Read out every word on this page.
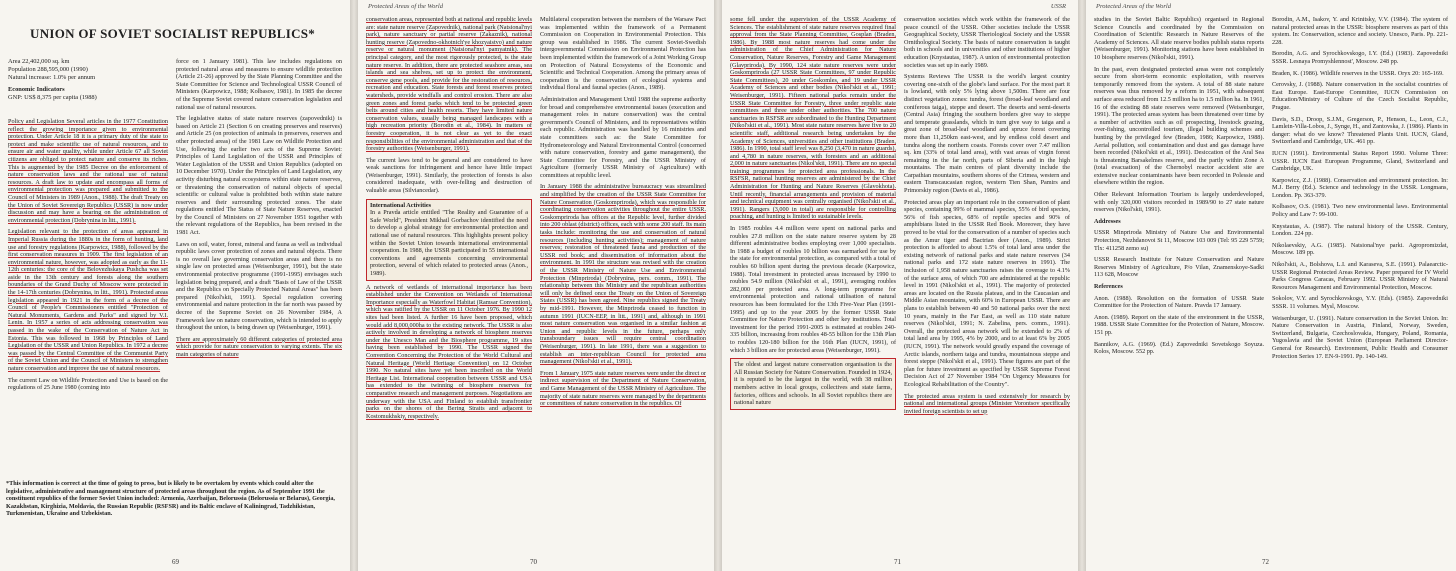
UNION OF SOVIET SOCIALIST REPUBLICS*
Area 22,402,000 sq. km
Population 288,595,000 (1990)
Natural increase: 1.0% per annum
Economic Indicators
GNP: US$ 8,375 per capita (1988)

Policy and Legislation Several articles in the 1977 Constitution reflect the growing importance given to environmental protection. Under Article 18 it is a primary duty of the state to protect and make scientific use of natural resources, and to ensure air and water quality, while under Article 67 all Soviet citizens are obliged to protect nature and conserve its riches. This is augmented by the 1985 Decree on the enforcement of nature conservation laws and the rational use of natural resources. A draft law to update and encompass all forms of environmental protection was prepared and submitted to the Council of Ministers in 1989 (Anon., 1988). The draft Treaty on the Union of Soviet Sovereign Republics (USSR) is now under discussion and may have a bearing on the administration of environmental protection (Dobrynina in litt., 1991).

Legislation relevant to the protection of areas appeared in Imperial Russia during the 1880s in the form of hunting, land use and forestry regulations (Karpowicz, 1988), followed by the first conservation measures in 1909. The first legislation of an environmental nature, however, was adopted as early as the 11-12th centuries: the core of the Belovezhskaya Pushcha was set aside in the 13th century and forests along the southern boundaries of the Grand Duchy of Moscow were protected in the 14-17th centuries (Dobrynina, in litt., 1991). Protected areas legislation appeared in 1921 in the form of a decree of the Council of People's Commissioners entitled "Protection of Natural Monuments, Gardens and Parks" and signed by V.I. Lenin. In 1957 a series of acts addressing conservation was passed in the wake of the Conservation of Nature Act in Estonia. This was followed in 1968 by Principles of Land Legislation of the USSR and Union Republics. In 1972 a decree was passed by the Central Committee of the Communist Party of the Soviet Union and the Council of Ministers to strengthen nature conservation and improve the use of natural resources.

The current Law on Wildlife Protection and Use is based on the regulations of 25 June 1980 (coming into

force on 1 January 1981). This law includes regulations on protected natural areas and measures to ensure wildlife protection (Article 21-26) approved by the State Planning Committee and the State Committee for Science and Technological USSR Council of Ministers (Karpowicz, 1988; Kolbasov, 1981). In 1985 the decree of the Supreme Soviet covered nature conservation legislation and rational use of natural resources.

The legislative status of state nature reserves (zapovedniki) is based on Article 21 (Section 6 on creating preserves and reserves) and Article 25 (on protection of animals in preserves, reserves and other protected areas) of the 1981 Law on Wildlife Protection and Use, following the earlier two acts of the Supreme Soviet: Principles of Land Legislation of the USSR and Principles of Water Legislation of the USSR and Union Republics (adopted on 10 December 1970). Under the Principles of Land Legislation, any activity disturbing natural ecosystems within state nature reserves, or threatening the conservation of natural objects of special scientific or cultural value is prohibited both within state nature reserves and their surrounding protected zones. The state regulations entitled The Status of State Nature Reserves, enacted by the Council of Ministers on 27 November 1951 together with the relevant regulations of the Republics, has been revised in the 1981 Act.

Laws on soil, water, forest, mineral and fauna as well as individual republic laws cover protection of zones and natural objects. There is no overall law governing conservation areas and there is no single law on protected areas (Weisenburger, 1991), but the state environmental protective programme (1991-1995) envisages such legislation being prepared, and a draft "Basis of Law of the USSR and the Republics on Specially Protected Natural Areas" has been prepared (Nikol'skii, 1991). Special regulation covering environmental and nature protection in the far north was passed by decree of the Supreme Soviet on 26 November 1984, A Framework law on nature conservation, which is intended to apply throughout the union, is being drawn up (Weisenburger, 1991).

There are approximately 60 different categories of protected area which provide for nature conservation to varying extents. The six main categories of nature

*This information is correct at the time of going to press, but is likely to be overtaken by events which could alter the legislative, administrative and management structure of protected areas throughout the region. As of September 1991 the constituent republics of the former Soviet Union included: Armenia, Azerbaijan, Belorussia (Belorussia or Belarus), Georgia, Kazakhstan, Kirghizia, Moldavia, the Russian Republic (RSFSR) and its Baltic enclave of Kaliningrad, Tadzhikistan, Turkmenistan, Ukraine and Uzbekistan.
69
Protected Areas of the World

conservation areas, represented both at national and republic levels are: state nature reserve (Zapovednik), national park (Natsional'nyi park), nature sanctuary or partial reserve (Zakaznik), national hunting reserve (Zapovedno-okhotnich'ye khozyaistvo) and nature reserve or natural monument (Natsional'nyi pamyatnik). The principal category, and the most rigorously protected, is the state nature reserve. In addition, there are protected seashore areas, sea islands and sea shelves, set up to protect the environment, conserve gene pools, and provide for the restoration of resources, recreation and education. State forests and forest reserves protect watersheds, provide windfalls and control erosion. There are also green zones and forest parks which tend to be protected green belts around cities and health resorts. They have limited nature conservation values, usually being managed landscapes with a high recreation priority (Borodin et al., 1984). In matters of forestry cooperation, it is not clear as yet to the exact responsibilities of the environmental administration and that of the forestry authorities (Weisenburger, 1991).

The current laws tend to be general and are considered to have weak sanctions for infringement and hence have little impact (Weisenburger, 1991). Similarly, the protection of forests is also considered inadequate, with over-felling and destruction of valuable areas (Silviancedar).

International Activities
In a Pravda article entitled "The Reality and Guarantee of a Safe World", President Mikhail Gorbachov identified the need to develop a global strategy for environmental protection and rational use of natural resources. This highlights present policy within the Soviet Union towards international environmental cooperation. In 1988, the USSR participated in 55 international conventions and agreements concerning environmental protection, several of which related to protected areas (Anon., 1989).

A network of wetlands of international importance has been established under the Convention on Wetlands of International Importance especially as Waterfowl Habitat (Ramsar Convention), which was ratified by the USSR on 11 October 1976. By 1990 12 sites had been listed. A further 16 have been proposed, which would add 8,000,000ha to the existing network. The USSR is also actively involved in developing a network of biosphere reserves under the Unesco Man and the Biosphere programme, 19 sites having been established by 1990. The USSR signed the Convention Concerning the Protection of the World Cultural and Natural Heritage (World Heritage Convention) on 12 October 1990. No natural sites have yet been inscribed on the World Heritage List. International cooperation between USSR and USA has extended to the twinning of biosphere reserves for comparative research and management purposes. Negotiations are underway with the USA and Finland to establish transfrontier parks on the shores of the Bering Straits and adjacent to Kostomukhskiy, respectively.

Multilateral cooperation between the members of the Warsaw Pact was implemented within the framework of a Permanent Commission on Cooperation in Environmental Protection. This group was established in 1986. The current Soviet-Swedish intergovernmental Commission on Environmental Protection has been implemented within the framework of a Joint Working Group on Protection of Natural Ecosystems of the Economic and Scientific and Technical Cooperation. Among the primary areas of cooperation is the conservation of ecological systems and individual floral and faunal species (Anon., 1989).

Administration and Management Until 1988 the supreme authority for broad and comprehensive environmental issues (execution and management roles in nature conservation) was the central government's Council of Ministers, and its representatives within each republic. Administration was handled by 16 ministries and state committees such as: the State Committee for Hydrometeorology and Natural Environmental Control (concerned with nature conservation, forestry and game management), the State Committee for Forestry, and the USSR Ministry of Agriculture (formerly USSR Ministry of Agriculture) with committees at republic level.

In January 1988 the administrative bureaucracy was streamlined and simplified by the creation of the USSR State Committee for Nature Conservation (Goskompriroda), which was responsible for coordinating conservation activities throughout the entire USSR. Goskompriroda has offices at the Republic level, further divided into 200 oblast (district) offices, each with some 200 staff. Its main tasks include: monitoring the use and conservation of natural resources (including hunting activities); management of nature reserves; restoration of threatened fauna and production of the USSR red book; and dissemination of information about the environment. In 1991 the structure was revised with the creation of the USSR Ministry of Nature Use and Environmental Protection (Minpriroda) (Dobrynina, pers. comm., 1991). The relationship between this Ministry and the republican authorities will only be defined once the Treaty on the Union of Sovereign States (USSR) has been agreed. Nine republics signed the Treaty by mid-1991. However, the Minpriroda ceased to function in autumn 1991 (IUCN-EEP, in litt., 1991) and, although in 1991 most nature conservation was organised in a similar fashion at Union and republic levels in the future, perhaps only transboundary issues will require central coordination (Weisenburger, 1991). In late 1991, there was a suggestion to establish an inter-republican Council for protected area management (Nikol'skii et al., 1991).

From 1 January 1975 state nature reserves were under the direct or indirect supervision of the Department of Nature Conservation, and Game Management of the USSR Ministry of Agriculture. The majority of state nature reserves were managed by the departments or committees of nature conservation in the republics. Of

70
USSR

some fell under the supervision of the USSR Academy of Sciences. The establishment of state nature reserves required final approval from the State Planning Committee, Gosplan (Braden, 1986). By 1988 most nature reserves had come under the administration of the Chief Administration for Nature Conservation, Nature Reserves, Forestry and Game Management (Glavpriroda). By 1990, 124 state nature reserves were under Goskompriroda (27 USSR State Committees, 97 under Republic State Committees), 20 under Goskomles, and 19 under USSR Academy of Sciences and other bodies (Nikol'skii et al., 1991; Weisenburger, 1991). Fifteen national parks remain under the USSR State Committee for Forestry, three under republic state committees and three under other authorities. The 700 nature sanctuaries in RSFSR are subordinated to the Hunting Department (Nikol'skii et al., 1991). Most state nature reserves have five to 20 scientific staff, additional research being undertaken by the Academy of Sciences, universities and other institutions (Braden, 1986). In 1990, total staff level was 8,250 (3,470 in nature guards), and 4,780 in nature reserves, with foresters and an additional 2,000 in nature sanctuaries (Nikol'skii, 1991). There are no special training programmes for protected area professionals. In the RSFSR, national hunting reserves are administered by the Chief Administration for Hunting and Nature Reserves (Glavokhota). Until recently, financial arrangements and provision of material and technical equipment was centrally organised (Nikol'skii et al., 1991). Rangers (3,000 in total) are responsible for controlling poaching, and hunting is limited to sustainable levels.

In 1985 roubles 4.4 million were spent on national parks and roubles 27.8 million on the state nature reserve system by 28 different administrative bodies employing over 1,000 specialists. In 1988 a budget of roubles 10 billion was earmarked for use by the state for environmental protection, as compared with a total of roubles 60 billion spent during the previous decade (Karpowicz, 1988). Total investment in protected areas increased by 1990 to roubles 54.9 million (Nikol'skii et al., 1991), averaging roubles 282,000 per protected area. A long-term programme for environmental protection and rational utilisation of natural resources has been formulated for the 13th Five-Year Plan (1991-1995) and up to the year 2005 by the former USSR State Committee for Nature Protection and other key institutions. Total investment for the period 1991-2005 is estimated at roubles 240-335 billion, increasing from roubles 48-55 billion for the 13th Plan to roubles 120-180 billion for the 16th Plan (IUCN, 1991), of which 3 billion are for protected areas (Weisenburger, 1991).

The oldest and largest nature conservation organisation is the All Russian Society for Nature Conservation. Founded in 1924, it is reputed to be the largest in the world, with 38 million members active in local groups, collectives and state farms, factories, offices and schools. In all Soviet republics there are national nature

conservation societies which work within the framework of the peace council of the USSR. Other societies include the USSR Geographical Society, USSR Theriological Society and the USSR Ornithological Society. The basis of nature conservation is taught both in schools and in universities and other institutions of higher education (Knystautas, 1987). A union of environmental protection societies was set up in early 1989.

Systems Reviews The USSR is the world's largest country covering one-sixth of the globe's land surface. For the most part it is lowland, with only 5% lying above 1,500m. There are four distinct vegetation zones: tundra, forest (broad-leaf woodland and coniferous taiga), steppe and desert. The deserts and semi-deserts (Central Asia) fringing the southern borders give way to steppe and temperate grasslands, which in turn give way to taiga and a great zone of broad-leaf woodland and spruce forest covering more than 11,250km east-west, and by endless cold desert and tundra along the northern coasts. Forests cover over 7.47 million sq. km (33% of total land area), with vast areas of virgin forest remaining in the far north, parts of Siberia and in the high mountains. The main centres of plant diversity include the Carpathian mountains, southern shores of the Crimea, western and eastern Transcaucasian region, western Tien Shan, Pamirs and Primorskiy region (Davis et al., 1986).

Protected areas play an important role in the conservation of plant species, containing 99% of mammal species, 55% of bird species, 56% of fish species, 68% of reptile species and 90% of amphibians listed in the USSR Red Book. Moreover, they have proved to be vital for the conservation of a number of species such as the Amur tiger and Bactrian deer (Anon., 1989). Strict protection is afforded to about 1.5% of total land area under the existing network of national parks and state nature reserves (34 national parks and 172 state nature reserves in 1991). The inclusion of 1,958 nature sanctuaries raises the coverage to 4.1% of the surface area, of which 700 are administered at the republic level in 1991 (Nikol'skii et al., 1991). The majority of protected areas are located on the Russia plateau, and in the Caucasian and Middle Asian mountains, with 60% in European USSR. There are plans to establish between 40 and 50 national parks over the next 10 years, mainly in the Far East, as well as 110 state nature reserves (Nikol'skii, 1991; N. Zabelina, pers. comm., 1991). Overall, the protected areas network will be extended to 2% of total land area by 1995, 4% by 2000, and to at least 6% by 2005 (IUCN, 1991). The network would greatly expand the coverage of Arctic islands, northern taiga and tundra, mountainous steppe and forest steppe (Nikol'skii et al., 1991). These figures are part of the plan for future investment as specified by USSR Supreme Forest Decision Act of 27 November 1984 "On Urgency Measures for Ecological Rehabilitation of the Country".

The protected areas system is used extensively for research by national and international groups (Minister Vorontsov specifically invited foreign scientists to set up

71
Protected Areas of the World

studies in the Soviet Baltic Republics) organised in Regional Science Councils and coordinated by the Commission on Coordination of Scientific Research in Nature Reserves of the Academy of Sciences. All state reserve bodies publish status reports (Weisenburger, 1991). Monitoring stations have been established in 10 biosphere reserves (Nikol'skii, 1991).

In the past, even designated protected areas were not completely secure from short-term economic exploitation, with reserves temporarily removed from the system. A total of 88 state nature reserves was thus removed by a reform in 1951, with subsequent surface area reduced from 12.5 million ha to 1.5 million ha. In 1961, 16 of the existing 88 state reserves were removed (Weisenburger, 1991). The protected areas system has been threatened over time by a number of activities such as oil prospecting, livestock grazing, over-fishing, uncontrolled tourism, illegal building schemes and hunting by the privileged few (Braden, 1986; Karpowicz, 1988). Aerial pollution, soil contamination and dust and gas damage have been recorded (Nikol'skii et al., 1991). Desiccation of the Aral Sea is threatening Barsakelmes reserve, and the partly within Zone A (total evacuation) of the Chernobyl reactor accident site are extensive nuclear contaminants have been recorded in Polessie and elsewhere within the region.

Other Relevant Information Tourism is largely underdeveloped, with only 320,000 visitors recorded in 1989/90 to 27 state nature reserves (Nikol'skii, 1991).

Addresses

USSR Minpriroda Ministry of Nature Use and Environmental Protection, Nezhdanovoi St 11, Moscow 103 009 (Tel: 95 229 5759; Tlx: 411258 zemo su)

USSR Research Institute for Nature Conservation and Nature Reserves Ministry of Agriculture, P/o Vilan, Znamenskoye-Sadki 113 628, Moscow

References

Anon. (1988). Resolution on the formation of USSR State Committee for the Protection of Nature. Pravda 17 January.

Anon. (1989). Report on the state of the environment in the USSR, 1988. USSR State Committee for the Protection of Nature, Moscow. 151 pp.

Bannikov, A.G. (1969). (Ed.) Zapovedniki Sovetskogo Soyuza. Kolos, Moscow. 552 pp.

Borodin, A.M., Isakov, Y. and Krinitsky, V.V. (1984). The system of natural protected areas in the USSR: biosphere reserves as part of this system. In: Conservation, science and society. Unesco, Paris. Pp. 221-228.

Borodin, A.G. and Syrochkovskogo, I.Y. (Ed.) (1983). Zapovedniki SSSR. Lesnaya Promyshlennost', Moscow. 248 pp.

Braden, K. (1986). Wildlife reserves in the USSR. Oryx 20: 165-169.

Cerovsky, J. (1988). Nature conservation in the socialist countries of East Europe. East-Europe Committee, IUCN Commission on Education/Ministry of Culture of the Czech Socialist Republic, Prague.

Davis, S.D., Droop, S.J.M., Gregerson, P., Henson, L., Leon, C.J., Lamlein-Villa-Lobos, J., Synge, H., and Zantovska, J. (1986). Plants in danger: what do we know? Threatened Plants Unit. IUCN, Gland, Switzerland and Cambridge, UK. 461 pp.

IUCN (1991). Environmental Status Report 1990. Volume Three: USSR. IUCN East European Programme, Gland, Switzerland and Cambridge, UK.

Karpowicz, Z.J. (1988). Conservation and environment protection. In: M.J. Berry (Ed.). Science and technology in the USSR. Longmans, London. Pp. 363-379.

Kolbasov, O.S. (1981). Two new environmental laws. Environmental Policy and Law 7: 99-100.

Knystautas, A. (1987). The natural history of the USSR. Century, London. 224 pp.

Nikolaevskiy, A.G. (1985). Natsional'nye parki. Agropromizdat, Moscow. 189 pp.

Nikol'skii, A., Bolshova, L.I. and Karaseva, S.E. (1991). Palaearctic-USSR Regional Protected Areas Review. Paper prepared for IV World Parks Congress Caracas, February 1992. USSR Ministry of Natural Resources Management and Environmental Protection, Moscow.

Sokolov, V.Y. and Syrochkovskogo, Y.Y. (Eds). (1985). Zapovedniki SSSR. 11 volumes. Mysl, Moscow.

Weisenburger, U. (1991). Nature conservation in the Soviet Union. In: Nature Conservation in Austria, Finland, Norway, Sweden, Switzerland, Bulgaria, Czechoslovakia, Hungary, Poland, Romania, Yugoslavia and the Soviet Union (European Parliament Director-General for Research). Environment, Public Health and Consumer Protection Series 17. EN-9-1991. Pp. 140-149.

72
